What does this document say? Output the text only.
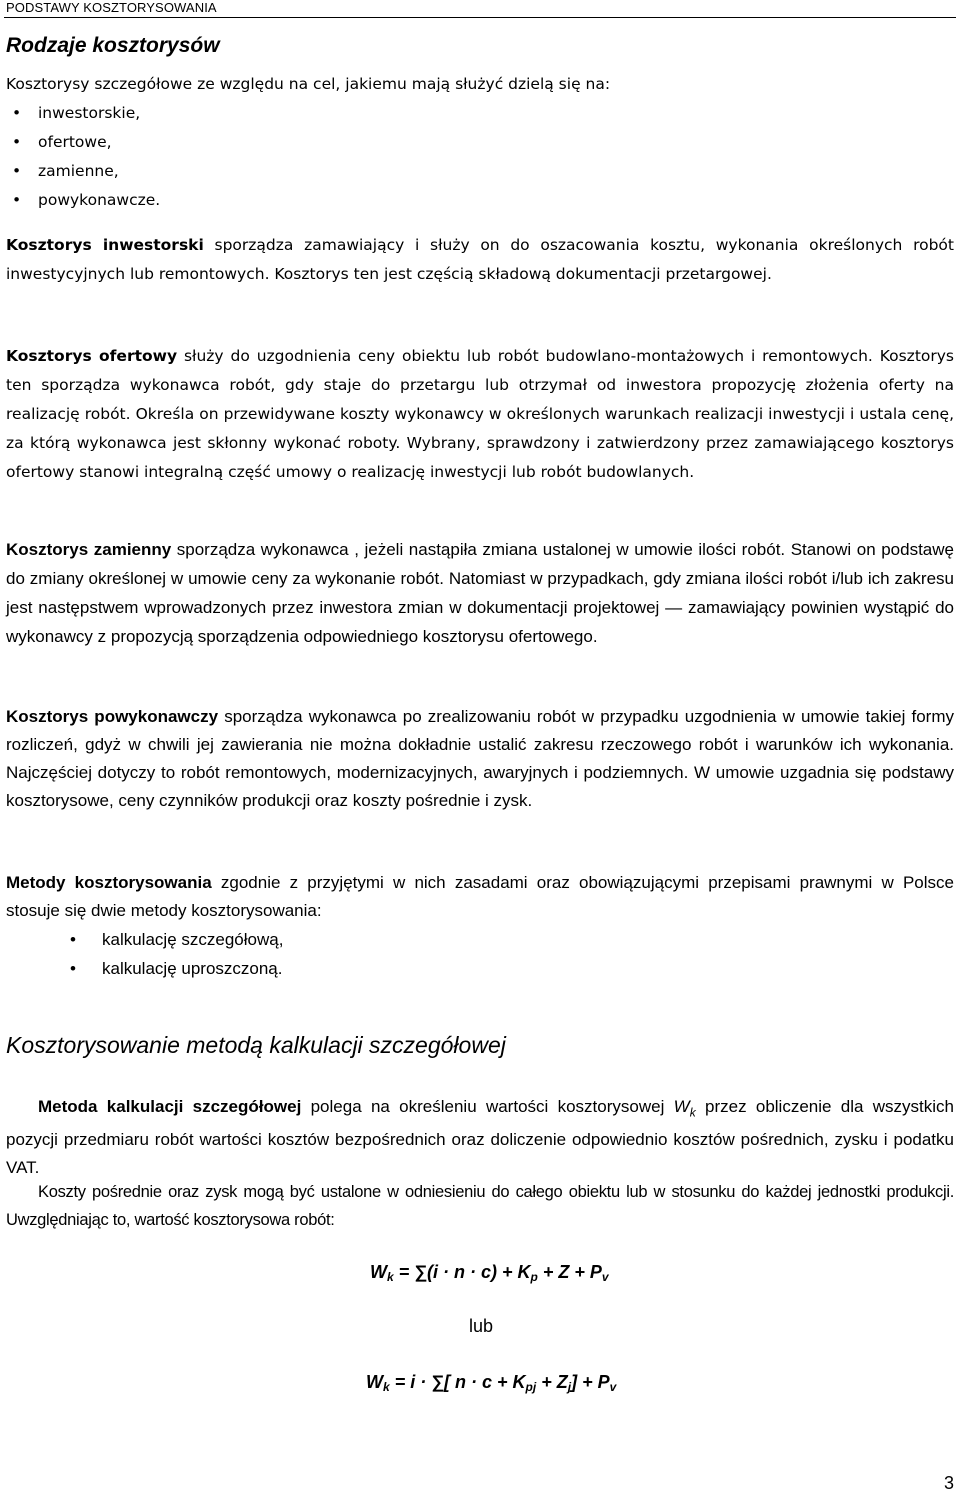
PODSTAWY KOSZTORYSOWANIA
Rodzaje kosztorysów
Kosztorysy szczegółowe ze względu na cel, jakiemu mają służyć dzielą się na:
• inwestorskie,
• ofertowe,
• zamienne,
• powykonawcze.
Kosztorys inwestorski sporządza zamawiający i służy on do oszacowania kosztu, wykonania określonych robót inwestycyjnych lub remontowych. Kosztorys ten jest częścią składową dokumentacji przetargowej.
Kosztorys ofertowy służy do uzgodnienia ceny obiektu lub robót budowlano-montażowych i remontowych. Kosztorys ten sporządza wykonawca robót, gdy staje do przetargu lub otrzymał od inwestora propozycję złożenia oferty na realizację robót. Określa on przewidywane koszty wykonawcy w określonych warunkach realizacji inwestycji i ustala cenę, za którą wykonawca jest skłonny wykonać roboty. Wybrany, sprawdzony i zatwierdzony przez zamawiającego kosztorys ofertowy stanowi integralną część umowy o realizację inwestycji lub robót budowlanych.
Kosztorys zamienny sporządza wykonawca , jeżeli nastąpiła zmiana ustalonej w umowie ilości robót. Stanowi on podstawę do zmiany określonej w umowie ceny za wykonanie robót. Natomiast w przypadkach, gdy zmiana ilości robót i/lub ich zakresu jest następstwem wprowadzonych przez inwestora zmian w dokumentacji projektowej — zamawiający powinien wystąpić do wykonawcy z propozycją sporządzenia odpowiedniego kosztorysu ofertowego.
Kosztorys powykonawczy sporządza wykonawca po zrealizowaniu robót w przypadku uzgodnienia w umowie takiej formy rozliczeń, gdyż w chwili jej zawierania nie można dokładnie ustalić zakresu rzeczowego robót i warunków ich wykonania. Najczęściej dotyczy to robót remontowych, modernizacyjnych, awaryjnych i podziemnych. W umowie uzgadnia się podstawy kosztorysowe, ceny czynników produkcji oraz koszty pośrednie i zysk.
Metody kosztorysowania zgodnie z przyjętymi w nich zasadami oraz obowiązującymi przepisami prawnymi w Polsce stosuje się dwie metody kosztorysowania:
• kalkulację szczegółową,
• kalkulację uproszczoną.
Kosztorysowanie metodą kalkulacji szczegółowej
Metoda kalkulacji szczegółowej polega na określeniu wartości kosztorysowej $W_k$ przez obliczenie dla wszystkich pozycji przedmiaru robót wartości kosztów bezpośrednich oraz doliczenie odpowiednio kosztów pośrednich, zysku i podatku VAT.
Koszty pośrednie oraz zysk mogą być ustalone w odniesieniu do całego obiektu lub w stosunku do każdej jednostki produkcji. Uwzględniając to, wartość kosztorysowa robót:
$W_k = \sum(i \cdot n \cdot c) + K_p + Z + P_v$
lub
$W_k = i$ · ∑[ $n \cdot c + K_{pj} + Z_j] + P_v$
3
